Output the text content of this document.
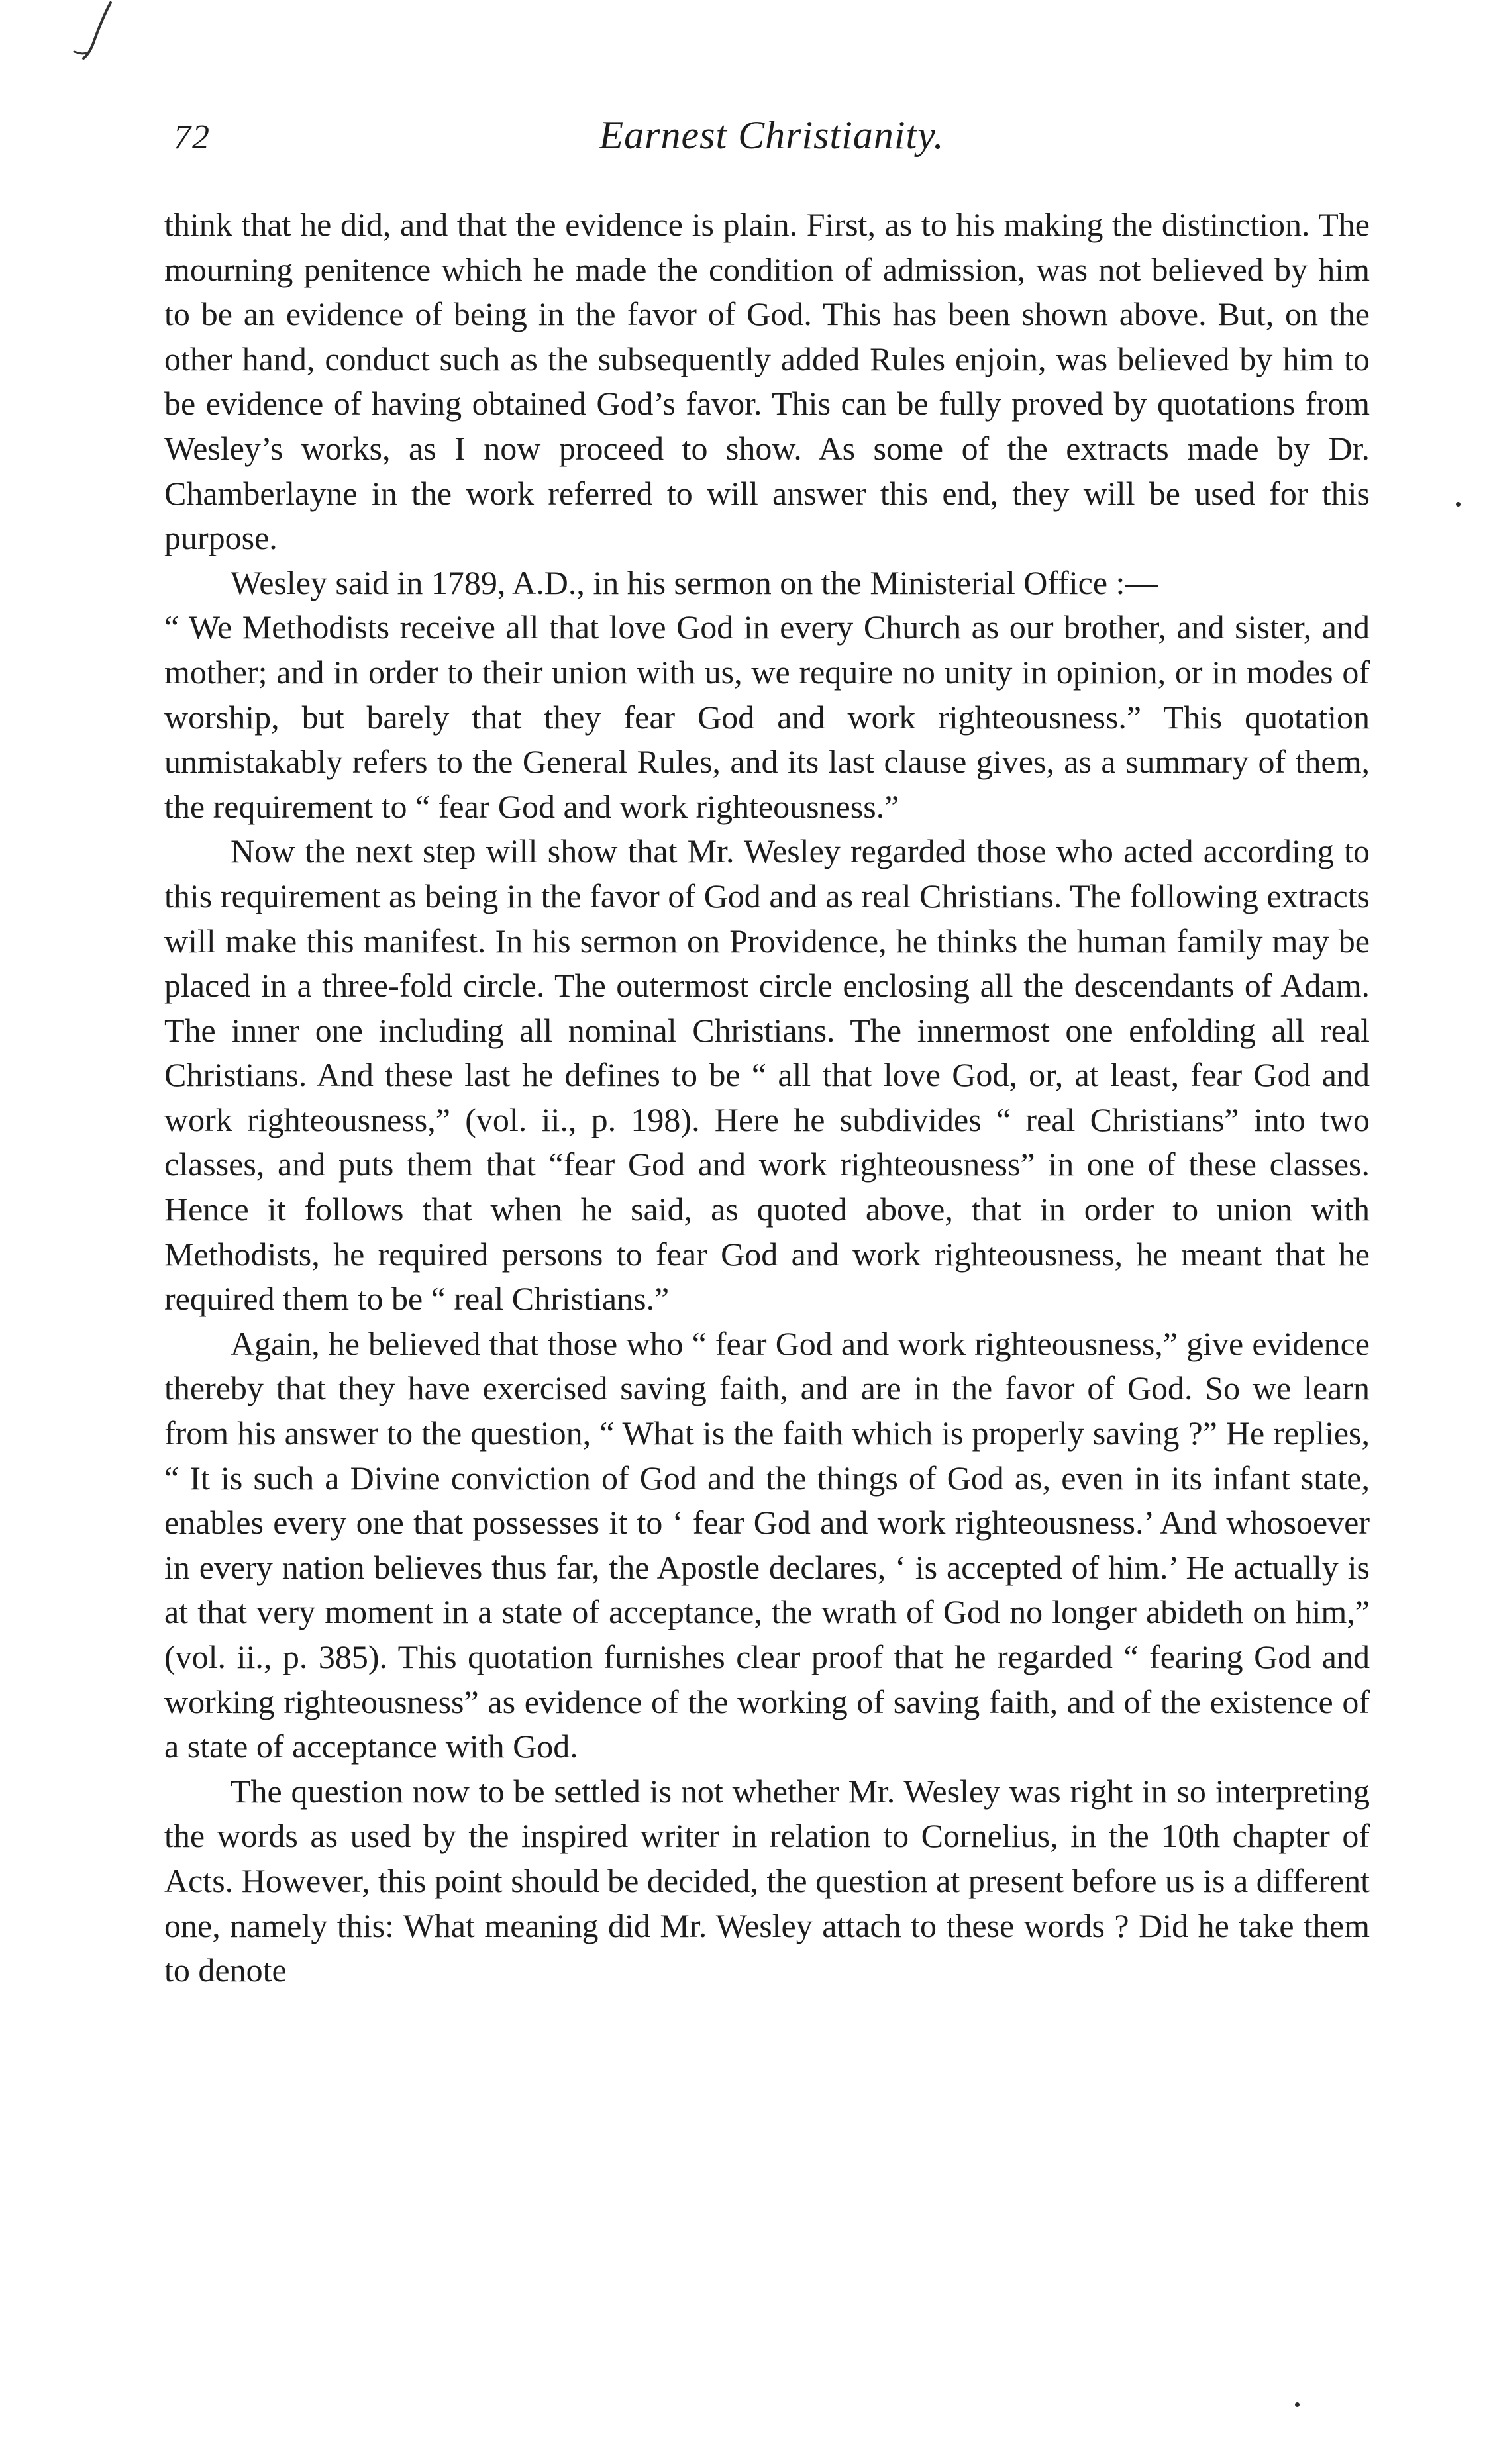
72	Earnest Christianity.

think that he did, and that the evidence is plain. First, as to his making the distinction. The mourning penitence which he made the condition of admission, was not believed by him to be an evidence of being in the favor of God. This has been shown above. But, on the other hand, conduct such as the subsequently added Rules enjoin, was believed by him to be evidence of having obtained God’s favor. This can be fully proved by quotations from Wesley’s works, as I now proceed to show. As some of the extracts made by Dr. Chamberlayne in the work referred to will answer this end, they will be used for this purpose.

Wesley said in 1789, A.D., in his sermon on the Ministerial Office :—

“ We Methodists receive all that love God in every Church as our brother, and sister, and mother; and in order to their union with us, we require no unity in opinion, or in modes of worship, but barely that they fear God and work righteousness.” This quotation unmistakably refers to the General Rules, and its last clause gives, as a summary of them, the requirement to “ fear God and work righteousness.”

Now the next step will show that Mr. Wesley regarded those who acted according to this requirement as being in the favor of God and as real Christians. The following extracts will make this manifest. In his sermon on Providence, he thinks the human family may be placed in a three-fold circle. The outermost circle enclosing all the descendants of Adam. The inner one including all nominal Christians. The innermost one enfolding all real Christians. And these last he defines to be “ all that love God, or, at least, fear God and work righteousness,” (vol. ii., p. 198). Here he subdivides “ real Christians” into two classes, and puts them that “fear God and work righteousness” in one of these classes. Hence it follows that when he said, as quoted above, that in order to union with Methodists, he required persons to fear God and work righteousness, he meant that he required them to be “ real Christians.”

Again, he believed that those who “ fear God and work righteousness,” give evidence thereby that they have exercised saving faith, and are in the favor of God. So we learn from his answer to the question, “ What is the faith which is properly saving ?” He replies, “ It is such a Divine conviction of God and the things of God as, even in its infant state, enables every one that possesses it to ‘ fear God and work righteousness.’ And whosoever in every nation believes thus far, the Apostle declares, ‘ is accepted of him.’ He actually is at that very moment in a state of acceptance, the wrath of God no longer abideth on him,” (vol. ii., p. 385). This quotation furnishes clear proof that he regarded “ fearing God and working righteousness” as evidence of the working of saving faith, and of the existence of a state of acceptance with God.

The question now to be settled is not whether Mr. Wesley was right in so interpreting the words as used by the inspired writer in relation to Cornelius, in the 10th chapter of Acts. However, this point should be decided, the question at present before us is a different one, namely this: What meaning did Mr. Wesley attach to these words ? Did he take them to denote
